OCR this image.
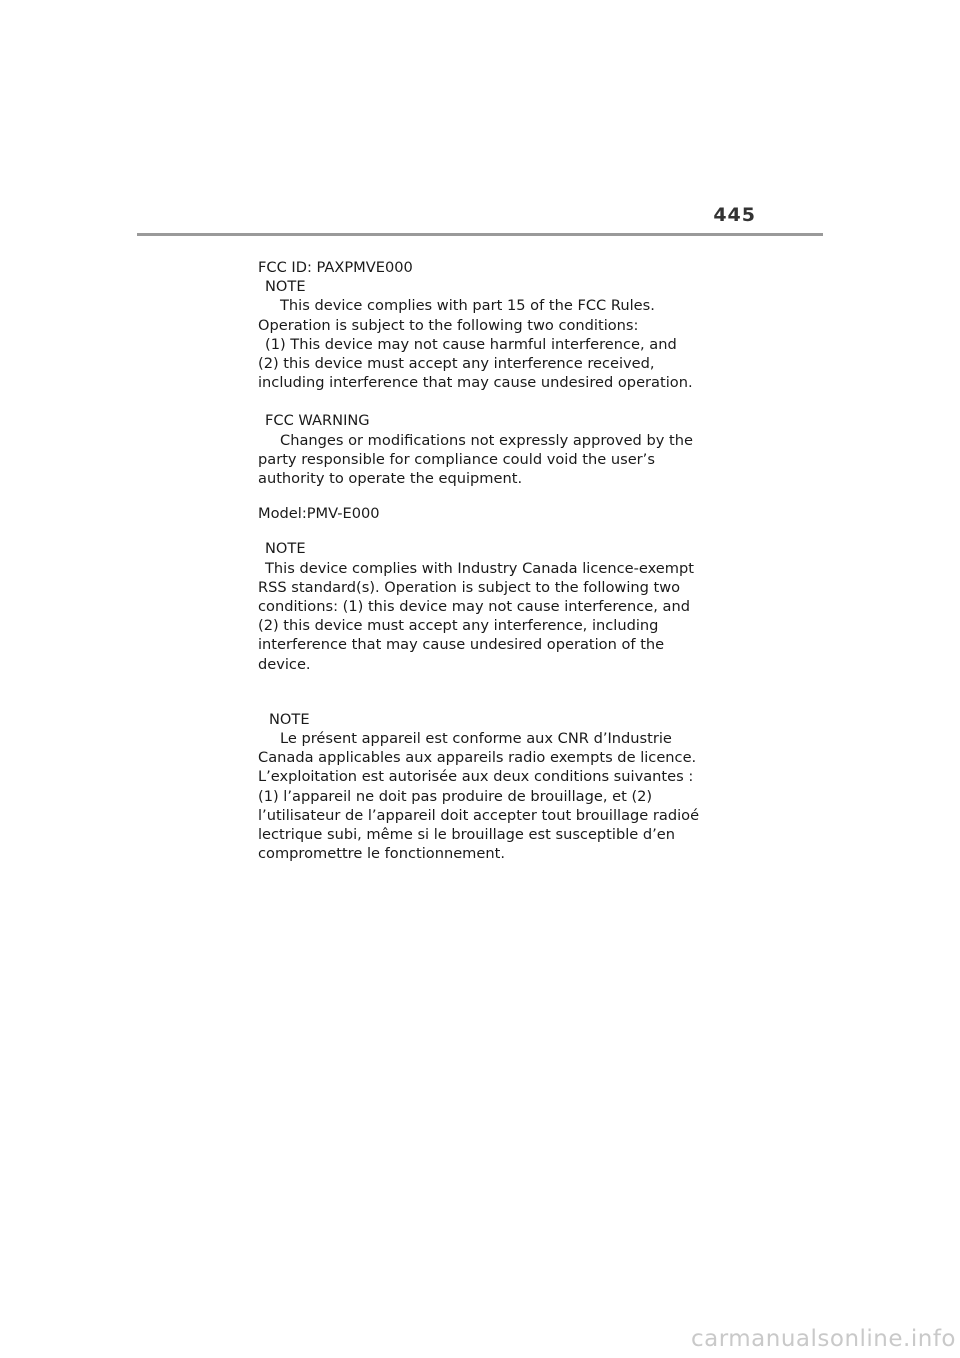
445

FCC ID: PAXPMVE000

NOTE

This device complies with part 15 of the FCC Rules.

Operation is subject to the following two conditions:

(1) This device may not cause harmful interference, and

(2) this device must accept any interference received,

including interference that may cause undesired operation.

FCC WARNING

Changes or modifications not expressly approved by the

party responsible for compliance could void the user’s

authority to operate the equipment.

Model:PMV-E000

NOTE

This device complies with Industry Canada licence-exempt

RSS standard(s). Operation is subject to the following two

conditions: (1) this device may not cause interference, and

(2) this device must accept any interference, including

interference that may cause undesired operation of the

device.

NOTE

Le présent appareil est conforme aux CNR d’Industrie

Canada applicables aux appareils radio exempts de licence.

L’exploitation est autorisée aux deux conditions suivantes :

(1) l’appareil ne doit pas produire de brouillage, et (2)

l’utilisateur de l’appareil doit accepter tout brouillage radioé

lectrique subi, même si le brouillage est susceptible d’en

compromettre le fonctionnement.

carmanualsonline.info
